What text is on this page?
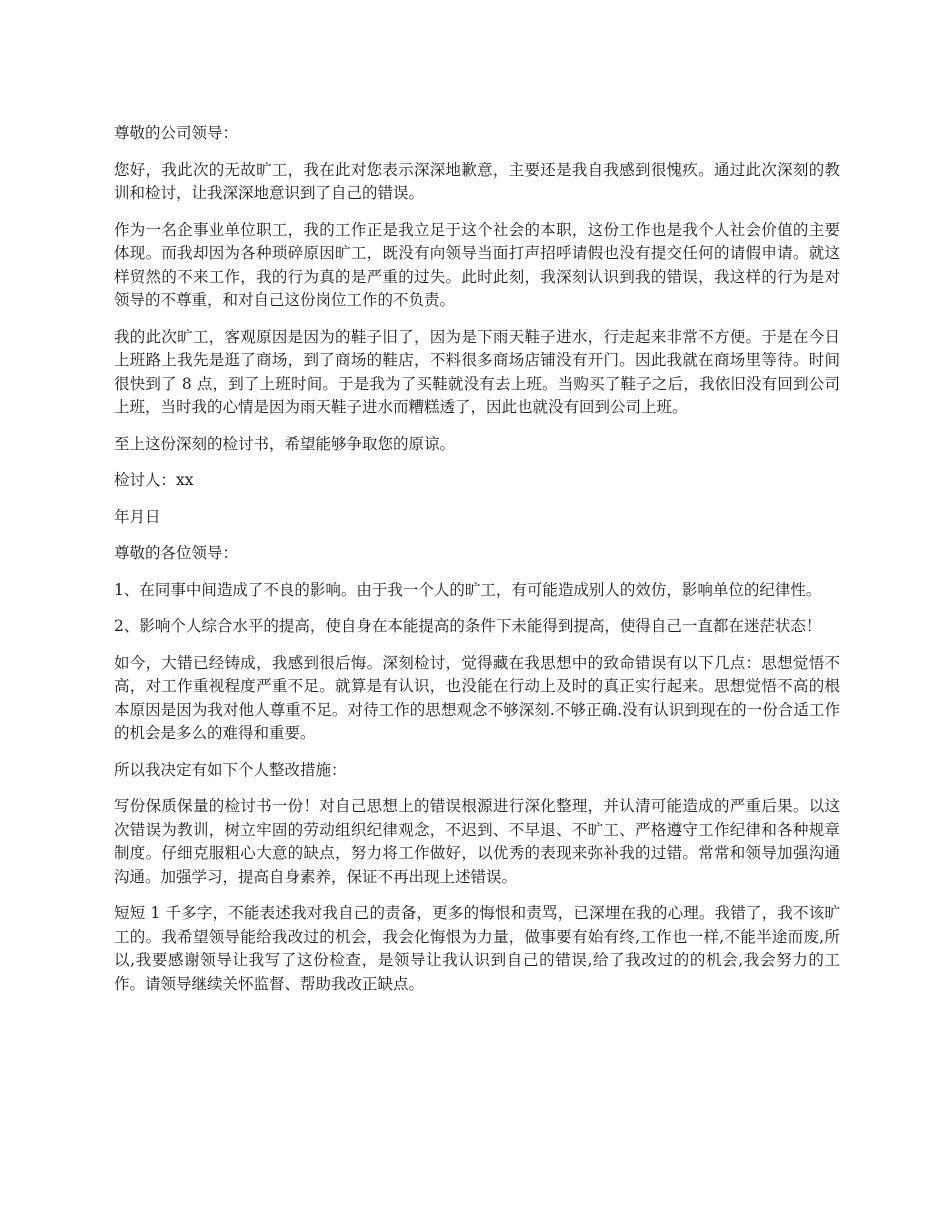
尊敬的公司领导：

您好，我此次的无故旷工，我在此对您表示深深地歉意，主要还是我自我感到很愧疚。通过此次深刻的教训和检讨，让我深深地意识到了自己的错误。

作为一名企事业单位职工，我的工作正是我立足于这个社会的本职，这份工作也是我个人社会价值的主要体现。而我却因为各种琐碎原因旷工，既没有向领导当面打声招呼请假也没有提交任何的请假申请。就这样贸然的不来工作，我的行为真的是严重的过失。此时此刻，我深刻认识到我的错误，我这样的行为是对领导的不尊重，和对自己这份岗位工作的不负责。

我的此次旷工，客观原因是因为的鞋子旧了，因为是下雨天鞋子进水，行走起来非常不方便。于是在今日上班路上我先是逛了商场，到了商场的鞋店，不料很多商场店铺没有开门。因此我就在商场里等待。时间很快到了 8 点，到了上班时间。于是我为了买鞋就没有去上班。当购买了鞋子之后，我依旧没有回到公司上班，当时我的心情是因为雨天鞋子进水而糟糕透了，因此也就没有回到公司上班。

至上这份深刻的检讨书，希望能够争取您的原谅。

检讨人：xx

年月日

尊敬的各位领导：

1、在同事中间造成了不良的影响。由于我一个人的旷工，有可能造成别人的效仿，影响单位的纪律性。

2、影响个人综合水平的提高，使自身在本能提高的条件下未能得到提高，使得自己一直都在迷茫状态！

如今，大错已经铸成，我感到很后悔。深刻检讨，觉得藏在我思想中的致命错误有以下几点：思想觉悟不高，对工作重视程度严重不足。就算是有认识，也没能在行动上及时的真正实行起来。思想觉悟不高的根本原因是因为我对他人尊重不足。对待工作的思想观念不够深刻.不够正确.没有认识到现在的一份合适工作的机会是多么的难得和重要。

所以我决定有如下个人整改措施：

写份保质保量的检讨书一份！对自己思想上的错误根源进行深化整理，并认清可能造成的严重后果。以这次错误为教训，树立牢固的劳动组织纪律观念，不迟到、不早退、不旷工、严格遵守工作纪律和各种规章制度。仔细克服粗心大意的缺点，努力将工作做好，以优秀的表现来弥补我的过错。常常和领导加强沟通沟通。加强学习，提高自身素养，保证不再出现上述错误。

短短 1 千多字，不能表述我对我自己的责备，更多的悔恨和责骂，已深埋在我的心理。我错了，我不该旷工的。我希望领导能给我改过的机会，我会化悔恨为力量，做事要有始有终,工作也一样,不能半途而废,所以,我要感谢领导让我写了这份检查，是领导让我认识到自己的错误,给了我改过的的机会,我会努力的工作。请领导继续关怀监督、帮助我改正缺点。
